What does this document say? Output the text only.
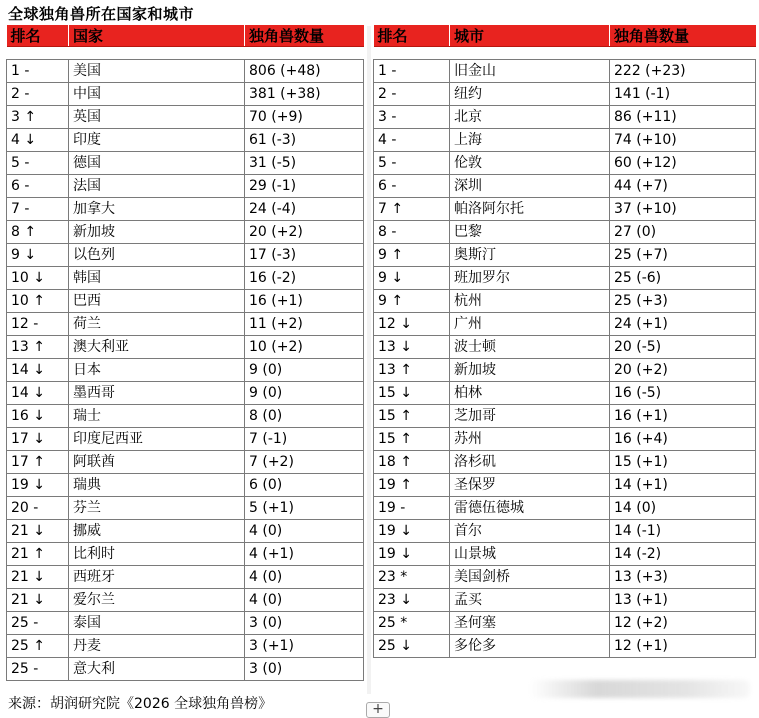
全球独角兽所在国家和城市
排名	国家	独角兽数量

1 -	美国	806 (+48)
2 -	中国	381 (+38)
3 ↑	英国	70 (+9)
4 ↓	印度	61 (-3)
5 -	德国	31 (-5)
6 -	法国	29 (-1)
7 -	加拿大	24 (-4)
8 ↑	新加坡	20 (+2)
9 ↓	以色列	17 (-3)
10 ↓	韩国	16 (-2)
10 ↑	巴西	16 (+1)
12 -	荷兰	11 (+2)
13 ↑	澳大利亚	10 (+2)
14 ↓	日本	9 (0)
14 ↓	墨西哥	9 (0)
16 ↓	瑞士	8 (0)
17 ↓	印度尼西亚	7 (-1)
17 ↑	阿联酋	7 (+2)
19 ↓	瑞典	6 (0)
20 -	芬兰	5 (+1)
21 ↓	挪威	4 (0)
21 ↑	比利时	4 (+1)
21 ↓	西班牙	4 (0)
21 ↓	爱尔兰	4 (0)
25 -	泰国	3 (0)
25 ↑	丹麦	3 (+1)
25 -	意大利	3 (0)
排名	城市	独角兽数量

1 -	旧金山	222 (+23)
2 -	纽约	141 (-1)
3 -	北京	86 (+11)
4 -	上海	74 (+10)
5 -	伦敦	60 (+12)
6 -	深圳	44 (+7)
7 ↑	帕洛阿尔托	37 (+10)
8 -	巴黎	27 (0)
9 ↑	奥斯汀	25 (+7)
9 ↓	班加罗尔	25 (-6)
9 ↑	杭州	25 (+3)
12 ↓	广州	24 (+1)
13 ↓	波士顿	20 (-5)
13 ↑	新加坡	20 (+2)
15 ↓	柏林	16 (-5)
15 ↑	芝加哥	16 (+1)
15 ↑	苏州	16 (+4)
18 ↑	洛杉矶	15 (+1)
19 ↑	圣保罗	14 (+1)
19 -	雷德伍德城	14 (0)
19 ↓	首尔	14 (-1)
19 ↓	山景城	14 (-2)
23 *	美国剑桥	13 (+3)
23 ↓	孟买	13 (+1)
25 *	圣何塞	12 (+2)
25 ↓	多伦多	12 (+1)
来源：胡润研究院《2026 全球独角兽榜》	+
